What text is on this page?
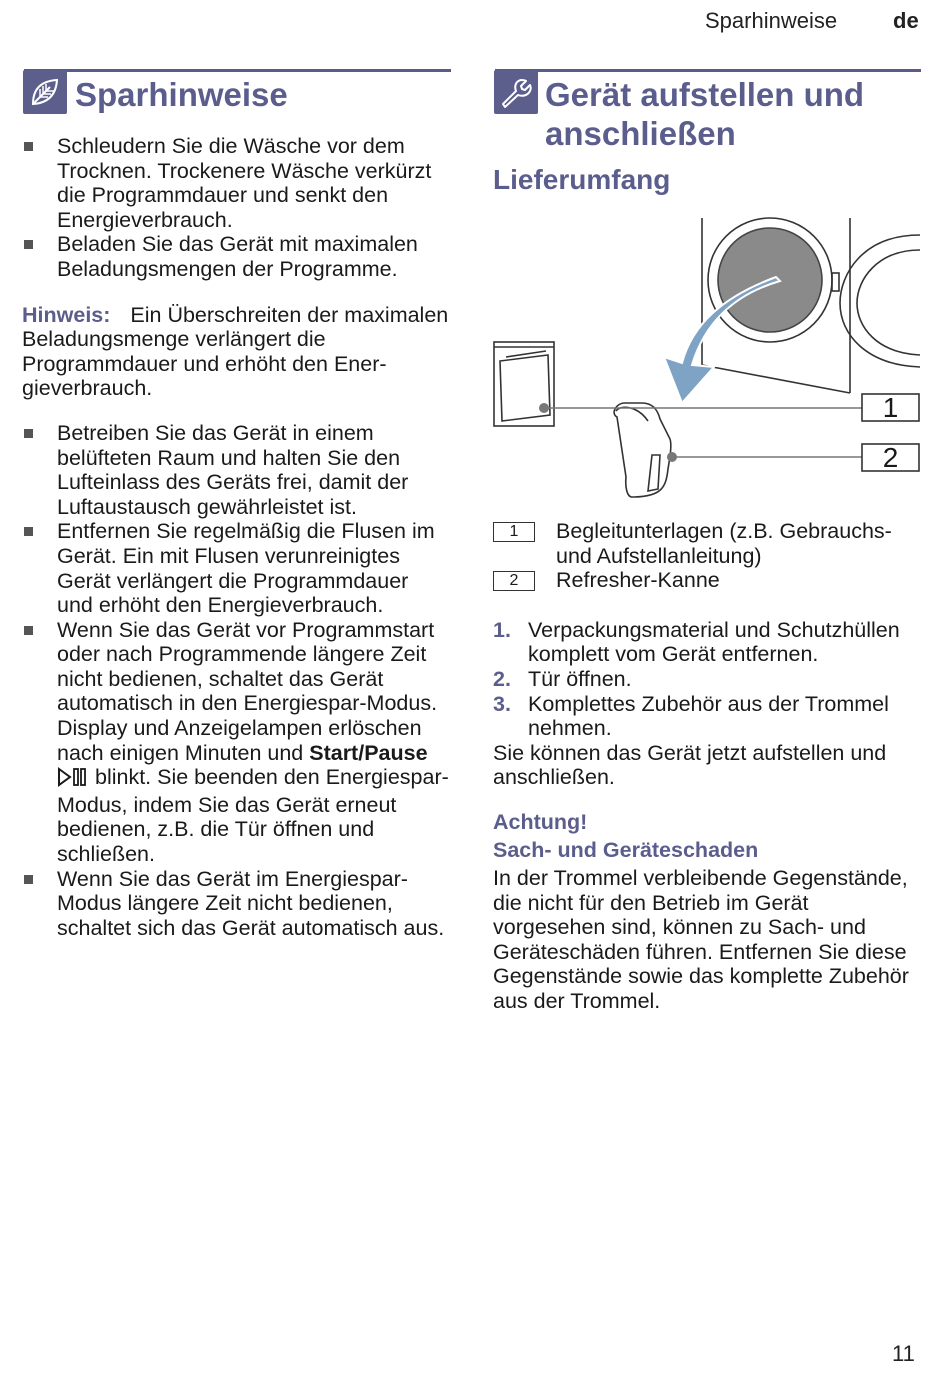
Sparhinweise	de
Sparhinweise
Schleudern Sie die Wäsche vor dem Trocknen. Trockenere Wäsche verkürzt die Programmdauer und senkt den Energieverbrauch.
Beladen Sie das Gerät mit maximalen Beladungsmengen der Programme.

Hinweis: Ein Überschreiten der maximalen Beladungsmenge verlängert die Programmdauer und erhöht den Energieverbrauch.

Betreiben Sie das Gerät in einem belüfteten Raum und halten Sie den Lufteinlass des Geräts frei, damit der Luftaustausch gewährleistet ist.
Entfernen Sie regelmäßig die Flusen im Gerät. Ein mit Flusen verunreinigtes Gerät verlängert die Programmdauer und erhöht den Energieverbrauch.
Wenn Sie das Gerät vor Programmstart oder nach Programmende längere Zeit nicht bedienen, schaltet das Gerät automatisch in den Energiespar-Modus. Display und Anzeigelampen erlöschen nach einigen Minuten und Start/Pause  blinkt. Sie beenden den Energiespar-Modus, indem Sie das Gerät erneut bedienen, z.B. die Tür öffnen und schließen.
Wenn Sie das Gerät im Energiespar-Modus längere Zeit nicht bedienen, schaltet sich das Gerät automatisch aus.
Gerät aufstellen und
anschließen
Lieferumfang
1
2
1	Begleitunterlagen (z.B. Gebrauchs- und Aufstellanleitung)
2	Refresher-Kanne
1. Verpackungsmaterial und Schutzhüllen komplett vom Gerät entfernen.
2. Tür öffnen.
3. Komplettes Zubehör aus der Trommel nehmen.

Sie können das Gerät jetzt aufstellen und anschließen.

Achtung!
Sach- und Geräteschaden

In der Trommel verbleibende Gegenstände, die nicht für den Betrieb im Gerät vorgesehen sind, können zu Sach- und Geräteschäden führen. Entfernen Sie diese Gegenstände sowie das komplette Zubehör aus der Trommel.

11
